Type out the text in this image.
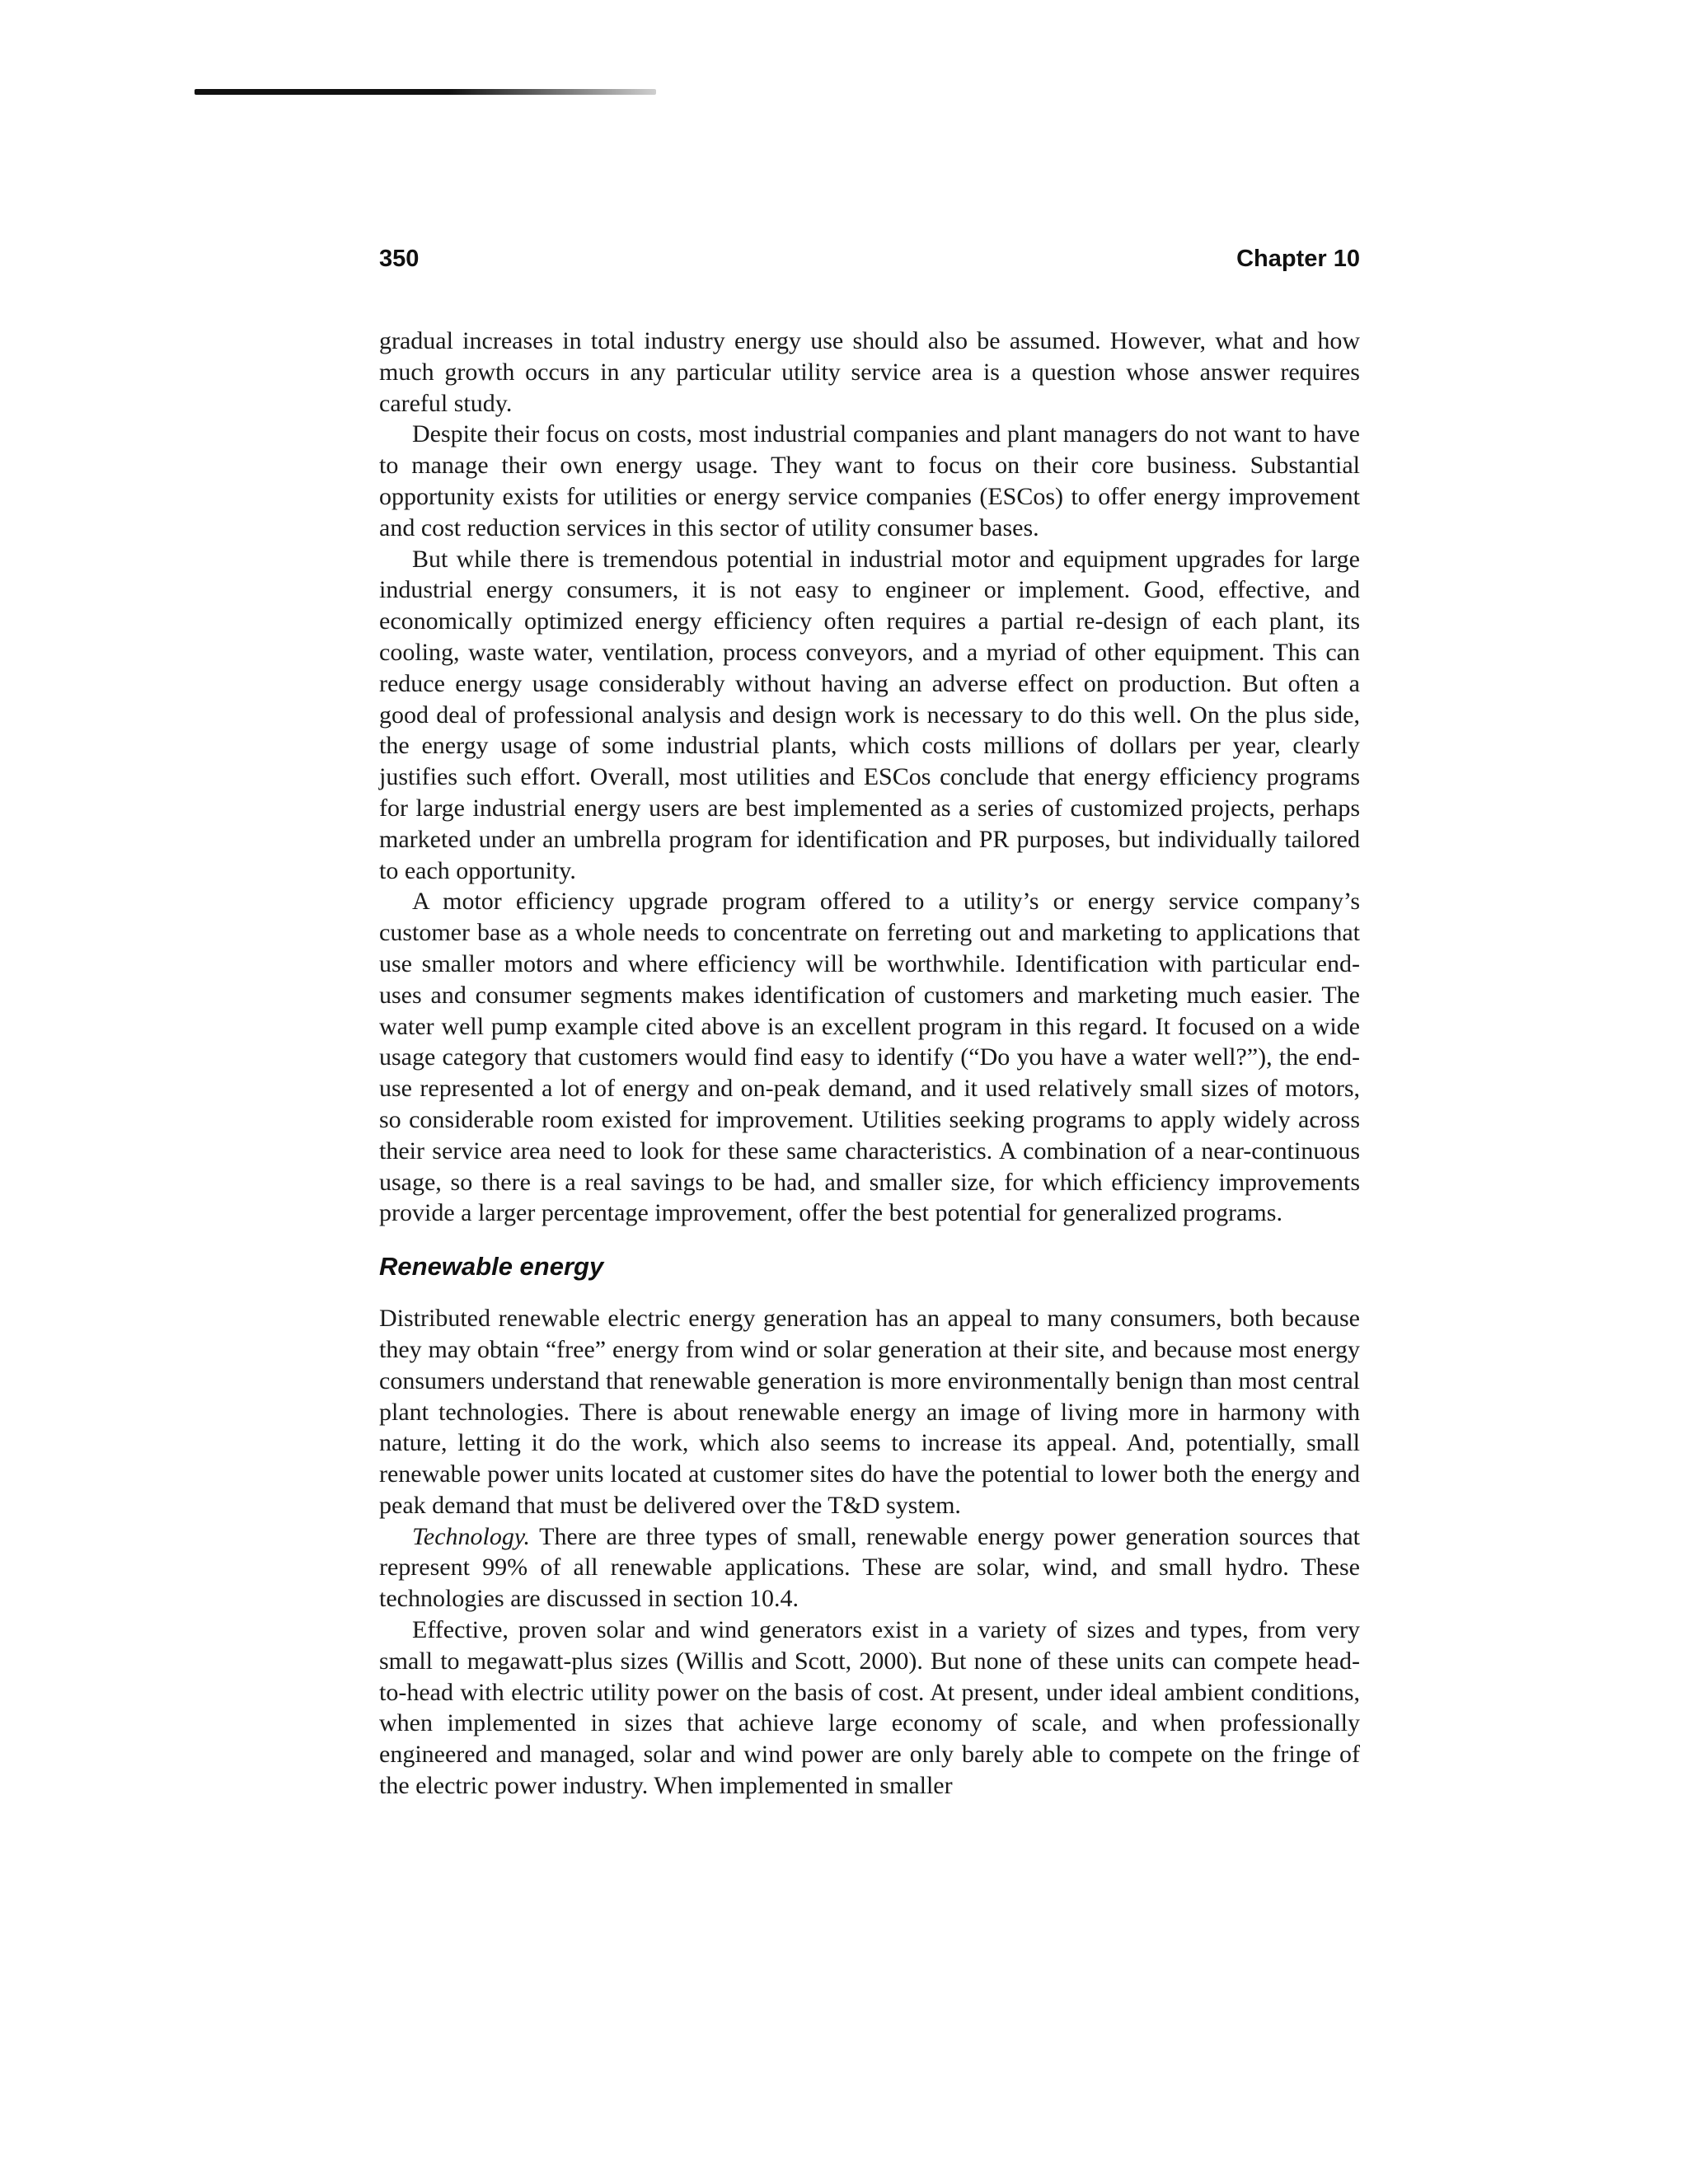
350	Chapter 10

gradual increases in total industry energy use should also be assumed. However, what and how much growth occurs in any particular utility service area is a question whose answer requires careful study.

Despite their focus on costs, most industrial companies and plant managers do not want to have to manage their own energy usage. They want to focus on their core business. Substantial opportunity exists for utilities or energy service companies (ESCos) to offer energy improvement and cost reduction services in this sector of utility consumer bases.

But while there is tremendous potential in industrial motor and equipment upgrades for large industrial energy consumers, it is not easy to engineer or implement. Good, effective, and economically optimized energy efficiency often requires a partial re-design of each plant, its cooling, waste water, ventilation, process conveyors, and a myriad of other equipment. This can reduce energy usage considerably without having an adverse effect on production. But often a good deal of professional analysis and design work is necessary to do this well. On the plus side, the energy usage of some industrial plants, which costs millions of dollars per year, clearly justifies such effort. Overall, most utilities and ESCos conclude that energy efficiency programs for large industrial energy users are best implemented as a series of customized projects, perhaps marketed under an umbrella program for identification and PR purposes, but individually tailored to each opportunity.

A motor efficiency upgrade program offered to a utility’s or energy service company’s customer base as a whole needs to concentrate on ferreting out and marketing to applications that use smaller motors and where efficiency will be worthwhile. Identification with particular end-uses and consumer segments makes identification of customers and marketing much easier. The water well pump example cited above is an excellent program in this regard. It focused on a wide usage category that customers would find easy to identify (“Do you have a water well?”), the end-use represented a lot of energy and on-peak demand, and it used relatively small sizes of motors, so considerable room existed for improvement. Utilities seeking programs to apply widely across their service area need to look for these same characteristics. A combination of a near-continuous usage, so there is a real savings to be had, and smaller size, for which efficiency improvements provide a larger percentage improvement, offer the best potential for generalized programs.

Renewable energy

Distributed renewable electric energy generation has an appeal to many consumers, both because they may obtain “free” energy from wind or solar generation at their site, and because most energy consumers understand that renewable generation is more environmentally benign than most central plant technologies. There is about renewable energy an image of living more in harmony with nature, letting it do the work, which also seems to increase its appeal. And, potentially, small renewable power units located at customer sites do have the potential to lower both the energy and peak demand that must be delivered over the T&D system.

Technology. There are three types of small, renewable energy power generation sources that represent 99% of all renewable applications. These are solar, wind, and small hydro. These technologies are discussed in section 10.4.

Effective, proven solar and wind generators exist in a variety of sizes and types, from very small to megawatt-plus sizes (Willis and Scott, 2000). But none of these units can compete head-to-head with electric utility power on the basis of cost. At present, under ideal ambient conditions, when implemented in sizes that achieve large economy of scale, and when professionally engineered and managed, solar and wind power are only barely able to compete on the fringe of the electric power industry. When implemented in smaller
